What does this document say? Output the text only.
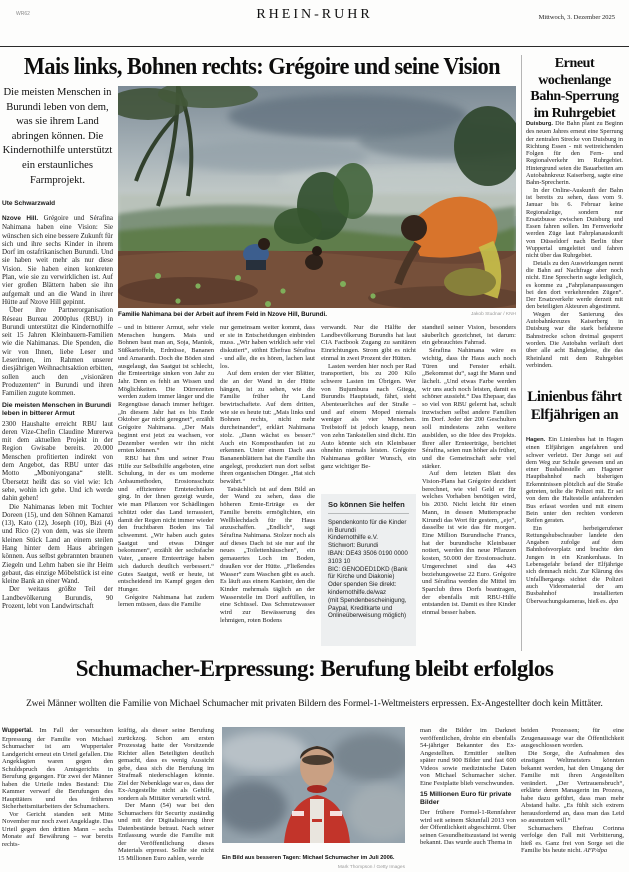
WR62	RHEIN-RUHR	Mittwoch, 3. Dezember 2025
Mais links, Bohnen rechts: Grégoire und seine Vision
Die meisten Menschen in Burundi leben von dem, was sie ihrem Land abringen können. Die Kindernothilfe unterstützt ein erstaunliches Farmprojekt.
Ute Schwarzwald
Familie Nahimana bei der Arbeit auf ihrem Feld in Nzove Hill, Burundi.	Jakob Studnar / KNH

Nzove Hill. Grégoire und Sérafina Nahimana haben eine Vision: Sie wünschen sich eine bessere Zukunft für sich und ihre sechs Kinder in ihrem Dorf im ostafrikanischen Burundi. Und sie haben weit mehr als nur diese Vision. Sie haben einen konkreten Plan, wie sie zu verwirklichen ist. Auf vier großen Blättern haben sie ihn aufgemalt und an die Wand in ihrer Hütte auf Nzove Hill gepinnt.

Über ihre Partnerorganisation Réseau Bureau 2000plus (RBU) in Burundi unterstützt die Kindernothilfe seit 15 Jahren Kleinbauern-Familien wie die Nahimanas. Die Spenden, die wir von Ihnen, liebe Leser und Leserinnen, im Rahmen unserer diesjährigen Weihnachtsaktion erbitten, sollen auch den „visionären Produzenten“ in Burundi und ihren Familien zugute kommen.

Die meisten Menschen in Burundi leben in bitterer Armut

2300 Haushalte erreicht RBU laut deren Vize-Chefin Claudine Murerwa mit dem aktuellen Projekt in der Region Gwisabe bereits. 20.000 Menschen profitierten indirekt von dem Angebot, das RBU unter das Motto „Mboniyongana“ stellt. Übersetzt heißt das so viel wie: Ich sehe, wohin ich gehe. Und ich werde dahin gehen!

Die Nahimanas leben mit Tochter Doreen (15), und den Söhnen Kamanzi (13), Kato (12), Joseph (10), Bizi (4) und Rico (2) von dem, was sie ihrem kleinen Stück Land an einem steilen Hang hinter dem Haus abringen können. Aus selbst gebrannten braunen Ziegeln und Lehm haben sie ihr Heim gebaut, das einzige Möbelstück ist eine kleine Bank an einer Wand.

Der weitaus größte Teil der Landbevölkerung Burundis, 90 Prozent, lebt von Landwirtschaft

– und in bitterer Armut, sehr viele Menschen hungern. Mais und Bohnen baut man an, Soja, Maniok, Süßkartoffeln, Erdnüsse, Bananen und Amaranth. Doch die Böden sind ausgelaugt, das Saatgut ist schlecht, die Ernteerträge sinken von Jahr zu Jahr. Denn es fehlt an Wissen und Möglichkeiten. Die Dürrezeiten werden zudem immer länger und die Regengüsse danach immer heftiger. „In diesem Jahr hat es bis Ende Oktober gar nicht geregnet“, erzählt Grégoire Nahimana. „Der Mais beginnt erst jetzt zu wachsen, vor Dezember werden wir ihn nicht ernten können.“

RBU hat ihm und seiner Frau Hilfe zur Selbsthilfe angeboten, eine Schulung, in der es um moderne Anbaumethoden, Erosionsschutz und effizientere Erntetechniken ging. In der ihnen gezeigt wurde, wie man Pflanzen vor Schädlingen schützt oder das Land terrassiert, damit der Regen nicht immer wieder den fruchtbaren Boden ins Tal schwemmt. „Wir haben auch gutes Saatgut und etwas Dünger bekommen“, erzählt der sechsfache Vater, „unsere Ernteerträge haben sich dadurch deutlich verbessert.“ Gutes Saatgut, weiß er heute, ist entscheidend im Kampf gegen den Hunger.

Grégoire Nahimana hat zudem lernen müssen, dass die Familie

nur gemeinsam weiter kommt, dass er sie in Entscheidungen einbinden muss. „Wir haben wirklich sehr viel diskutiert“, stöhnt Ehefrau Sérafina - und alle, die es hören, lachen laut los.

Auf dem ersten der vier Blätter, die an der Wand in der Hütte hängen, ist zu sehen, wie die Familie früher ihr Land bewirtschaftete. Auf dem dritten, wie sie es heute tut: „Mais links und Bohnen rechts, nicht mehr durcheinander“, erklärt Nahimana stolz. „Dann wächst es besser.“ Auch ein Komposthaufen ist zu erkennen. Unter einem Dach aus Bananenblättern hat die Familie ihn angelegt, produziert nun dort selbst ihren organischen Dünger. „Hat sich bewährt.“

Tatsächlich ist auf dem Bild an der Wand zu sehen, dass die höheren Ernte-Erträge es der Familie bereits ermöglichten, ein Wellblechdach für ihr Haus anzuschaffen. „Endlich“, sagt Sérafina Nahimana. Stolzer noch als auf dieses Dach ist sie nur auf ihr neues „Toilettenhäuschen“, ein gemauertes Loch im Boden, draußen vor der Hütte. „Fließendes Wasser“ zum Waschen gibt es auch. Es läuft aus einem Kanister, den die Kinder mehrmals täglich an der Wasserstelle im Dorf auffüllen, in eine Schüssel. Das Schmutzwasser wird zur Bewässerung des lehmigen, roten Bodens

verwandt. Nur die Hälfte der Landbevölkerung Burundis hat laut CIA Factbook Zugang zu sanitären Einrichtungen. Strom gibt es nicht einmal in zwei Prozent der Hütten.

Lasten werden hier noch per Rad transportiert, bis zu 200 Kilo schwere Lasten im Übrigen. Wer von Bujumbura nach Gitega, Burundis Hauptstadt, fährt, sieht Abenteuerliches auf der Straße – und auf einem Moped niemals weniger als vier Menschen. Treibstoff ist jedoch knapp, neun von zehn Tankstellen sind dicht. Ein Auto könnte sich ein Kleinbauer ohnehin niemals leisten. Grégoire Nahimanas größter Wunsch, ein ganz wichtiger Be-

So können Sie helfen
Spendenkonto für die Kinder in Burundi
Kindernothilfe e.V.
Stichwort: Burundi
IBAN: DE43 3506 0190 0000 3103 10
BIC: GENODED1DKD (Bank für Kirche und Diakonie)
Oder spenden Sie direkt: kindernothilfe.de/waz
(mit Spendenbescheinigung, Paypal, Kreditkarte und Onlineüberweisung möglich)

standteil seiner Vision, besonders säuberlich gezeichnet, ist darum: ein gebrauchtes Fahrrad.

Sérafina Nahimana wäre es wichtig, dass ihr Haus auch noch Türen und Fenster erhält. „Bekommst du“, sagt ihr Mann und lächelt. „Und etwas Farbe werden wir uns auch noch leisten, damit es schöner aussieht.“ Das Ehepaar, das so viel von RBU gelernt hat, schult inzwischen selbst andere Familien im Dorf. Jeder der 200 Geschulten soll mindestens zehn weitere ausbilden, so die Idee des Projekts. Ihrer aller Ernteerträge, berichtet Sérafina, seien nun höher als früher, und die Gemeinschaft sehr viel stärker.

Auf dem letzten Blatt des Vision-Plans hat Grégoire dezidiert berechnet, wie viel Geld er für welches Vorhaben benötigen wird, bis 2030. Nicht leicht für einen Mann, in dessen Muttersprache Kirundi das Wort für gestern, „ejo“, dasselbe ist wie das für morgen. Eine Million Burundische Francs, hat der burundische Kleinbauer notiert, werden ihn neue Pflanzen kosten, 50.000 der Erosionsschutz. Umgerechnet sind das 443 beziehungsweise 22 Euro. Grégoire und Sérafina werden die Mittel im Sparclub ihres Dorfs beantragen, der ebenfalls mit RBU-Hilfe entstanden ist. Damit es ihre Kinder einmal besser haben.

Erneut wochenlange Bahn-Sperrung im Ruhrgebiet

Duisburg. Die Bahn plant zu Beginn des neuen Jahres erneut eine Sperrung der zentralen Strecke von Duisburg in Richtung Essen - mit weitreichenden Folgen für den Fern- und Regionalverkehr im Ruhrgebiet. Hintergrund seien die Bauarbeiten am Autobahnkreuz Kaiserberg, sagte eine Bahn-Sprecherin.

In der Online-Auskunft der Bahn ist bereits zu sehen, dass vom 9. Januar bis 6. Februar keine Regionalzüge, sondern nur Ersatzbusse zwischen Duisburg und Essen fahren sollen. Im Fernverkehr werden Züge laut Fahrplanauskunft von Düsseldorf nach Berlin über Wuppertal umgeleitet und fahren nicht über das Ruhrgebiet.

Details zu den Auswirkungen nennt die Bahn auf Nachfrage aber noch nicht. Eine Sprecherin sagte lediglich, es komme zu „Fahrplananpassungen bei den dort verkehrenden Zügen“. Der Ersatzverkehr werde derzeit mit den beteiligten Akteuren abgestimmt.

Wegen der Sanierung des Autobahnkreuzes Kaiserberg in Duisburg war die stark befahrene Bahnstrecke schon dreimal gesperrt worden. Die Autobahn verläuft dort über alle acht Bahngleise, die das Rheinland mit dem Ruhrgebiet verbinden.

Linienbus fährt Elfjährigen an

Hagen. Ein Linienbus hat in Hagen einen Elfjährigen angefahren und schwer verletzt. Der Junge sei auf dem Weg zur Schule gewesen und an einer Bushaltestelle am Hagener Hauptbahnhof nach bisherigen Erkenntnissen plötzlich auf die Straße getreten, teilte die Polizei mit. Er sei von dem die Haltestelle anfahrenden Bus erfasst worden und mit einem Bein unter den rechten vorderen Reifen geraten.

Ein herbeigerufener Rettungshubschrauber landete den Angaben zufolge auf dem Bahnhofsvorplatz und brachte den Jungen in ein Krankenhaus. In Lebensgefahr befand der Elfjährige sich demnach nicht. Zur Klärung des Unfallhergangs sichtet die Polizei auch Videomaterial der am Busbahnhof installierten Überwachungskameras, hieß es. dpa

Schumacher-Erpressung: Berufung bleibt erfolglos
Zwei Männer wollten die Familie von Michael Schumacher mit privaten Bildern des Formel-1-Weltmeisters erpressen. Ex-Angestellter doch kein Mittäter.

Wuppertal. Im Fall der versuchten Erpressung der Familie von Michael Schumacher ist am Wuppertaler Landgericht erneut ein Urteil gefallen. Die Angeklagten waren gegen den Schuldspruch des Amtsgerichts in Berufung gegangen. Für zwei der Männer haben die Urteile indes Bestand: Die Kammer verwarf die Berufungen des Haupttäters und des früheren Sicherheitsmitarbeiters der Schumachers.

Vor Gericht standen seit Mitte November nur noch zwei Angeklagte. Das Urteil gegen den dritten Mann – sechs Monate auf Bewährung – war bereits rechts-

kräftig, als dieser seine Berufung zurückzog. Schon am ersten Prozesstag hatte der Vorsitzende Richter allen Beteiligten deutlich gemacht, dass es wenig Aussicht gebe, dass sich die Berufung im Strafmaß niederschlagen könnte. Ziel der Nebenklage war es, dass der Ex-Angestellte nicht als Gehilfe, sondern als Mittäter verurteilt wird.

Der Mann (54) war bei den Schumachers für Security zuständig und mit der Digitalisierung ihrer Datenbestände betraut. Nach seiner Entlassung wurde die Familie mit der Veröffentlichung dieses Materials erpresst. Sollte sie nicht 15 Millionen Euro zahlen, werde	Ein Bild aus besseren Tagen: Michael Schumacher im Juli 2006.
Mark Thompson / Getty Images

man die Bilder im Darknet veröffentlichen, drohte ein ebenfalls 54-jähriger Bekannter des Ex-Angestellten. Ermittler stellten später rund 900 Bilder und fast 600 Videos sowie medizinische Daten von Michael Schumacher sicher. Eine Festplatte blieb verschwunden.

15 Millionen Euro für private Bilder

Der frühere Formel-1-Rennfahrer wird seit seinem Skiunfall 2013 von der Öffentlichkeit abgeschirmt. Über seinen Gesundheitszustand ist wenig bekannt. Das wurde auch Thema in

beiden Prozessen; für eine Zeugenaussage war die Öffentlichkeit ausgeschlossen worden.

Die Sorge, die Aufnahmen des einstigen Weltmeisters könnten bekannt werden, hat den Umgang der Familie mit ihren Angestellten verändert. „Der Vertrauensbruch“, erklärte deren Managerin im Prozess, habe dazu geführt, dass man mehr Abstand halte. „Es fühlt sich extrem herausfordernd an, dass man das Leid so ausnutzen will.“

Schumachers Ehefrau Corinna verfolge den Fall mit Verbitterung, hieß es. Ganz frei von Sorge sei die Familie bis heute nicht. AFP/dpa
